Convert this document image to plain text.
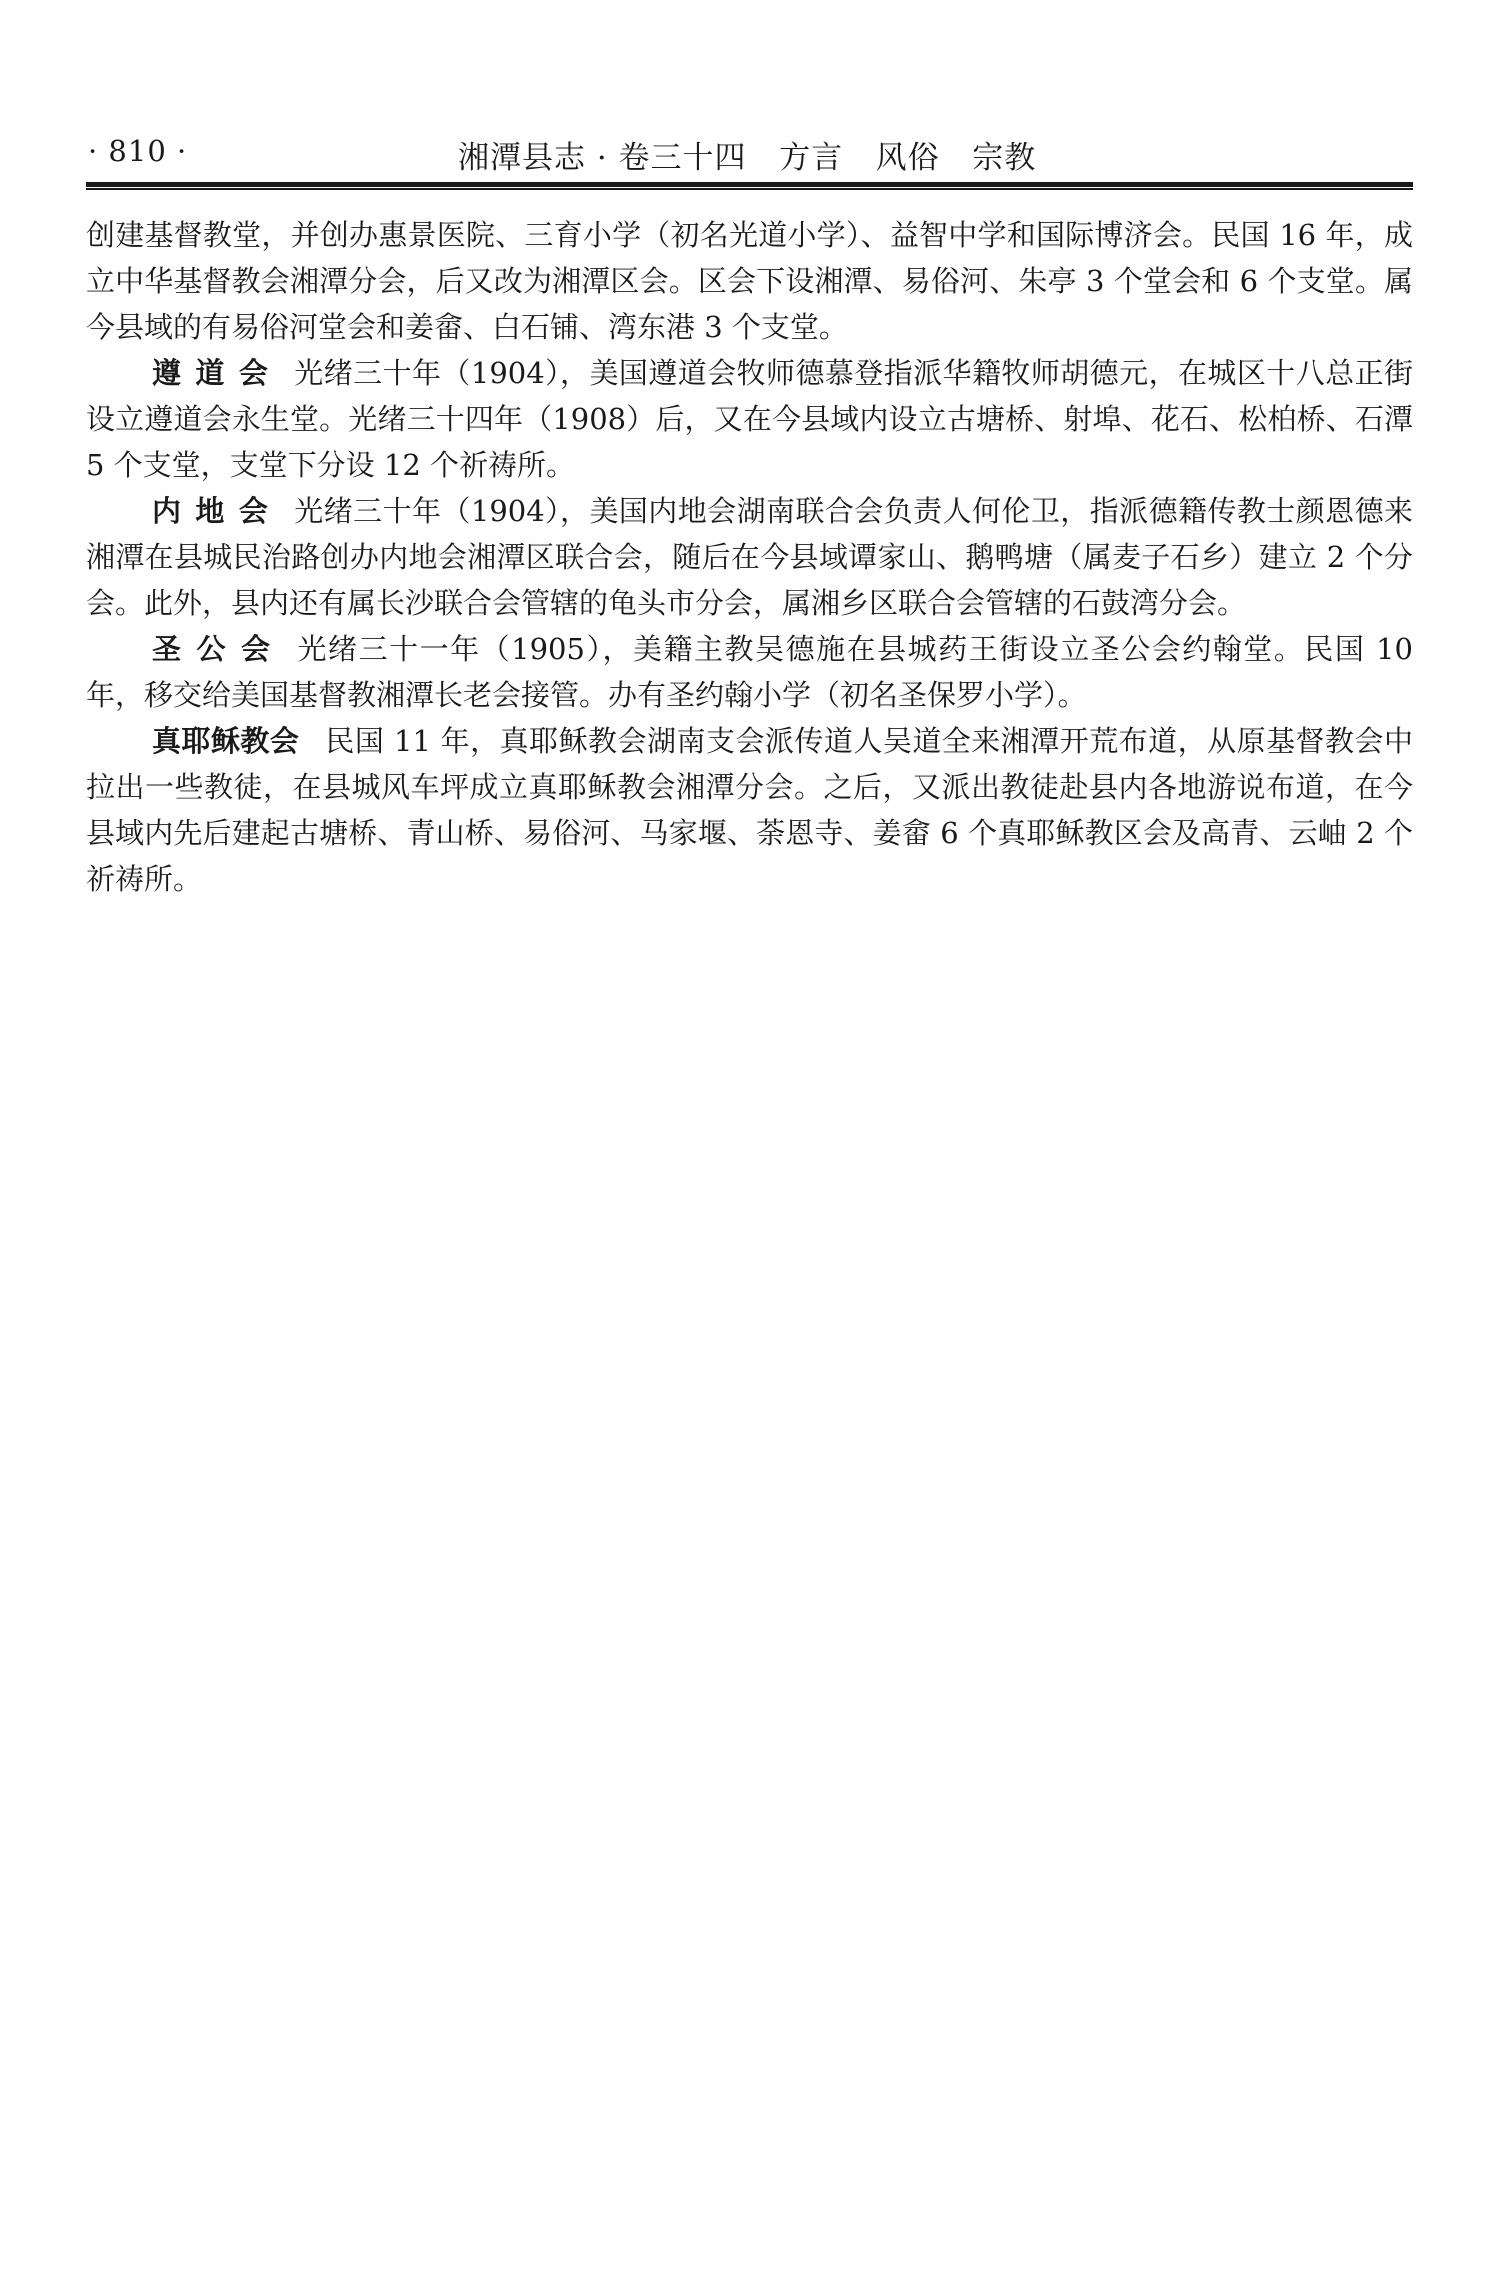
· 810 ·	湘潭县志 · 卷三十四   方言   风俗   宗教

创建基督教堂，并创办惠景医院、三育小学（初名光道小学）、益智中学和国际博济会。民国 16 年，成立中华基督教会湘潭分会，后又改为湘潭区会。区会下设湘潭、易俗河、朱亭 3 个堂会和 6 个支堂。属今县域的有易俗河堂会和姜畲、白石铺、湾东港 3 个支堂。

遵道会 光绪三十年（1904），美国遵道会牧师德慕登指派华籍牧师胡德元，在城区十八总正街设立遵道会永生堂。光绪三十四年（1908）后，又在今县域内设立古塘桥、射埠、花石、松柏桥、石潭 5 个支堂，支堂下分设 12 个祈祷所。

内地会 光绪三十年（1904），美国内地会湖南联合会负责人何伦卫，指派德籍传教士颜恩德来湘潭在县城民治路创办内地会湘潭区联合会，随后在今县域谭家山、鹅鸭塘（属麦子石乡）建立 2 个分会。此外，县内还有属长沙联合会管辖的龟头市分会，属湘乡区联合会管辖的石鼓湾分会。

圣公会 光绪三十一年（1905），美籍主教吴德施在县城药王街设立圣公会约翰堂。民国 10 年，移交给美国基督教湘潭长老会接管。办有圣约翰小学（初名圣保罗小学）。

真耶稣教会 民国 11 年，真耶稣教会湖南支会派传道人吴道全来湘潭开荒布道，从原基督教会中拉出一些教徒，在县城风车坪成立真耶稣教会湘潭分会。之后，又派出教徒赴县内各地游说布道，在今县域内先后建起古塘桥、青山桥、易俗河、马家堰、荼恩寺、姜畲 6 个真耶稣教区会及高青、云岫 2 个祈祷所。
